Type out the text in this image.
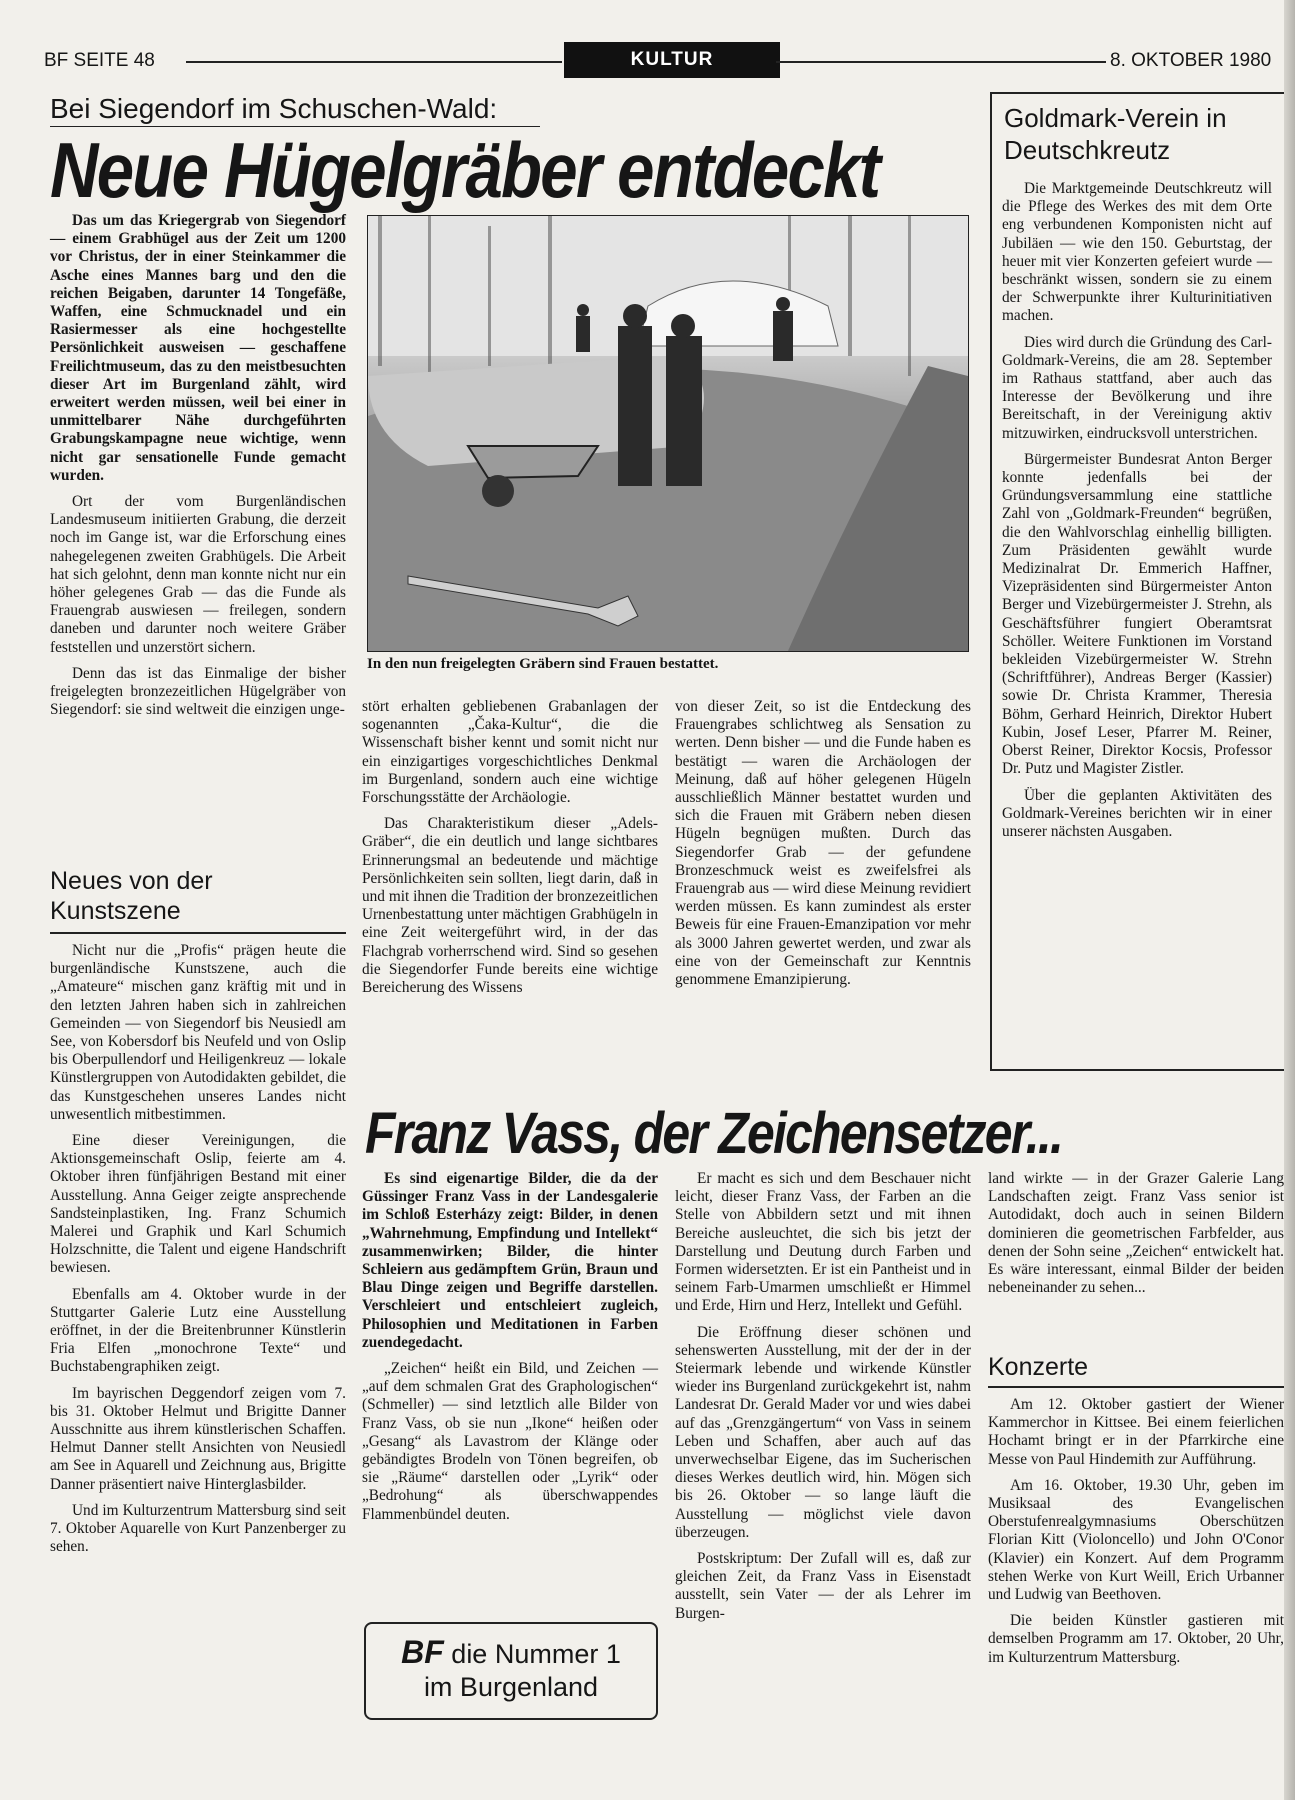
BF SEITE 48	KULTUR	8. OKTOBER 1980
Bei Siegendorf im Schuschen-Wald:
Neue Hügelgräber entdeckt

Das um das Kriegergrab von Siegendorf — einem Grabhügel aus der Zeit um 1200 vor Christus, der in einer Steinkammer die Asche eines Mannes barg und den die reichen Beigaben, darunter 14 Tongefäße, Waffen, eine Schmucknadel und ein Rasiermesser als eine hochgestellte Persönlichkeit ausweisen — geschaffene Freilichtmuseum, das zu den meistbesuchten dieser Art im Burgenland zählt, wird erweitert werden müssen, weil bei einer in unmittelbarer Nähe durchgeführten Grabungskampagne neue wichtige, wenn nicht gar sensationelle Funde gemacht wurden.

Ort der vom Burgenländischen Landesmuseum initiierten Grabung, die derzeit noch im Gange ist, war die Erforschung eines nahegelegenen zweiten Grabhügels. Die Arbeit hat sich gelohnt, denn man konnte nicht nur ein höher gelegenes Grab — das die Funde als Frauengrab auswiesen — freilegen, sondern daneben und darunter noch weitere Gräber feststellen und unzerstört sichern.

Denn das ist das Einmalige der bisher freigelegten bronzezeitlichen Hügelgräber von Siegendorf: sie sind weltweit die einzigen unge-

In den nun freigelegten Gräbern sind Frauen bestattet.

stört erhalten gebliebenen Grabanlagen der sogenannten „Čaka-Kultur“, die die Wissenschaft bisher kennt und somit nicht nur ein einzigartiges vorgeschichtliches Denkmal im Burgenland, sondern auch eine wichtige Forschungsstätte der Archäologie.

Das Charakteristikum dieser „Adels-Gräber“, die ein deutlich und lange sichtbares Erinnerungsmal an bedeutende und mächtige Persönlichkeiten sein sollten, liegt darin, daß in und mit ihnen die Tradition der bronzezeitlichen Urnenbestattung unter mächtigen Grabhügeln in eine Zeit weitergeführt wird, in der das Flachgrab vorherrschend wird. Sind so gesehen die Siegendorfer Funde bereits eine wichtige Bereicherung des Wissens

von dieser Zeit, so ist die Entdeckung des Frauengrabes schlichtweg als Sensation zu werten. Denn bisher — und die Funde haben es bestätigt — waren die Archäologen der Meinung, daß auf höher gelegenen Hügeln ausschließlich Männer bestattet wurden und sich die Frauen mit Gräbern neben diesen Hügeln begnügen mußten. Durch das Siegendorfer Grab — der gefundene Bronzeschmuck weist es zweifelsfrei als Frauengrab aus — wird diese Meinung revidiert werden müssen. Es kann zumindest als erster Beweis für eine Frauen-Emanzipation vor mehr als 3000 Jahren gewertet werden, und zwar als eine von der Gemeinschaft zur Kenntnis genommene Emanzipierung.

Goldmark-Verein in Deutschkreutz

Die Marktgemeinde Deutschkreutz will die Pflege des Werkes des mit dem Orte eng verbundenen Komponisten nicht auf Jubiläen — wie den 150. Geburtstag, der heuer mit vier Konzerten gefeiert wurde — beschränkt wissen, sondern sie zu einem der Schwerpunkte ihrer Kulturinitiativen machen.

Dies wird durch die Gründung des Carl-Goldmark-Vereins, die am 28. September im Rathaus stattfand, aber auch das Interesse der Bevölkerung und ihre Bereitschaft, in der Vereinigung aktiv mitzuwirken, eindrucksvoll unterstrichen.

Bürgermeister Bundesrat Anton Berger konnte jedenfalls bei der Gründungsversammlung eine stattliche Zahl von „Goldmark-Freunden“ begrüßen, die den Wahlvorschlag einhellig billigten. Zum Präsidenten gewählt wurde Medizinalrat Dr. Emmerich Haffner, Vizepräsidenten sind Bürgermeister Anton Berger und Vizebürgermeister J. Strehn, als Geschäftsführer fungiert Oberamtsrat Schöller. Weitere Funktionen im Vorstand bekleiden Vizebürgermeister W. Strehn (Schriftführer), Andreas Berger (Kassier) sowie Dr. Christa Krammer, Theresia Böhm, Gerhard Heinrich, Direktor Hubert Kubin, Josef Leser, Pfarrer M. Reiner, Oberst Reiner, Direktor Kocsis, Professor Dr. Putz und Magister Zistler.

Über die geplanten Aktivitäten des Goldmark-Vereines berichten wir in einer unserer nächsten Ausgaben.

Neues von der Kunstszene

Nicht nur die „Profis“ prägen heute die burgenländische Kunstszene, auch die „Amateure“ mischen ganz kräftig mit und in den letzten Jahren haben sich in zahlreichen Gemeinden — von Siegendorf bis Neusiedl am See, von Kobersdorf bis Neufeld und von Oslip bis Oberpullendorf und Heiligenkreuz — lokale Künstlergruppen von Autodidakten gebildet, die das Kunstgeschehen unseres Landes nicht unwesentlich mitbestimmen.

Eine dieser Vereinigungen, die Aktionsgemeinschaft Oslip, feierte am 4. Oktober ihren fünfjährigen Bestand mit einer Ausstellung. Anna Geiger zeigte ansprechende Sandsteinplastiken, Ing. Franz Schumich Malerei und Graphik und Karl Schumich Holzschnitte, die Talent und eigene Handschrift bewiesen.

Ebenfalls am 4. Oktober wurde in der Stuttgarter Galerie Lutz eine Ausstellung eröffnet, in der die Breitenbrunner Künstlerin Fria Elfen „monochrone Texte“ und Buchstabengraphiken zeigt.

Im bayrischen Deggendorf zeigen vom 7. bis 31. Oktober Helmut und Brigitte Danner Ausschnitte aus ihrem künstlerischen Schaffen. Helmut Danner stellt Ansichten von Neusiedl am See in Aquarell und Zeichnung aus, Brigitte Danner präsentiert naive Hinterglasbilder.

Und im Kulturzentrum Mattersburg sind seit 7. Oktober Aquarelle von Kurt Panzenberger zu sehen.

Franz Vass, der Zeichensetzer...

Es sind eigenartige Bilder, die da der Güssinger Franz Vass in der Landesgalerie im Schloß Esterházy zeigt: Bilder, in denen „Wahrnehmung, Empfindung und Intellekt“ zusammenwirken; Bilder, die hinter Schleiern aus gedämpftem Grün, Braun und Blau Dinge zeigen und Begriffe darstellen. Verschleiert und entschleiert zugleich, Philosophien und Meditationen in Farben zuendegedacht.

„Zeichen“ heißt ein Bild, und Zeichen — „auf dem schmalen Grat des Graphologischen“ (Schmeller) — sind letztlich alle Bilder von Franz Vass, ob sie nun „Ikone“ heißen oder „Gesang“ als Lavastrom der Klänge oder gebändigtes Brodeln von Tönen begreifen, ob sie „Räume“ darstellen oder „Lyrik“ oder „Bedrohung“ als überschwappendes Flammenbündel deuten.

Er macht es sich und dem Beschauer nicht leicht, dieser Franz Vass, der Farben an die Stelle von Abbildern setzt und mit ihnen Bereiche ausleuchtet, die sich bis jetzt der Darstellung und Deutung durch Farben und Formen widersetzten. Er ist ein Pantheist und in seinem Farb-Umarmen umschließt er Himmel und Erde, Hirn und Herz, Intellekt und Gefühl.

Die Eröffnung dieser schönen und sehenswerten Ausstellung, mit der der in der Steiermark lebende und wirkende Künstler wieder ins Burgenland zurückgekehrt ist, nahm Landesrat Dr. Gerald Mader vor und wies dabei auf das „Grenzgängertum“ von Vass in seinem Leben und Schaffen, aber auch auf das unverwechselbar Eigene, das im Sucherischen dieses Werkes deutlich wird, hin. Mögen sich bis 26. Oktober — so lange läuft die Ausstellung — möglichst viele davon überzeugen.

Postskriptum: Der Zufall will es, daß zur gleichen Zeit, da Franz Vass in Eisenstadt ausstellt, sein Vater — der als Lehrer im Burgen-

land wirkte — in der Grazer Galerie Lang Landschaften zeigt. Franz Vass senior ist Autodidakt, doch auch in seinen Bildern dominieren die geometrischen Farbfelder, aus denen der Sohn seine „Zeichen“ entwickelt hat. Es wäre interessant, einmal Bilder der beiden nebeneinander zu sehen...

Konzerte

Am 12. Oktober gastiert der Wiener Kammerchor in Kittsee. Bei einem feierlichen Hochamt bringt er in der Pfarrkirche eine Messe von Paul Hindemith zur Aufführung.

Am 16. Oktober, 19.30 Uhr, geben im Musiksaal des Evangelischen Oberstufenrealgymnasiums Oberschützen Florian Kitt (Violoncello) und John O'Conor (Klavier) ein Konzert. Auf dem Programm stehen Werke von Kurt Weill, Erich Urbanner und Ludwig van Beethoven.

Die beiden Künstler gastieren mit demselben Programm am 17. Oktober, 20 Uhr, im Kulturzentrum Mattersburg.

BF die Nummer 1
im Burgenland
